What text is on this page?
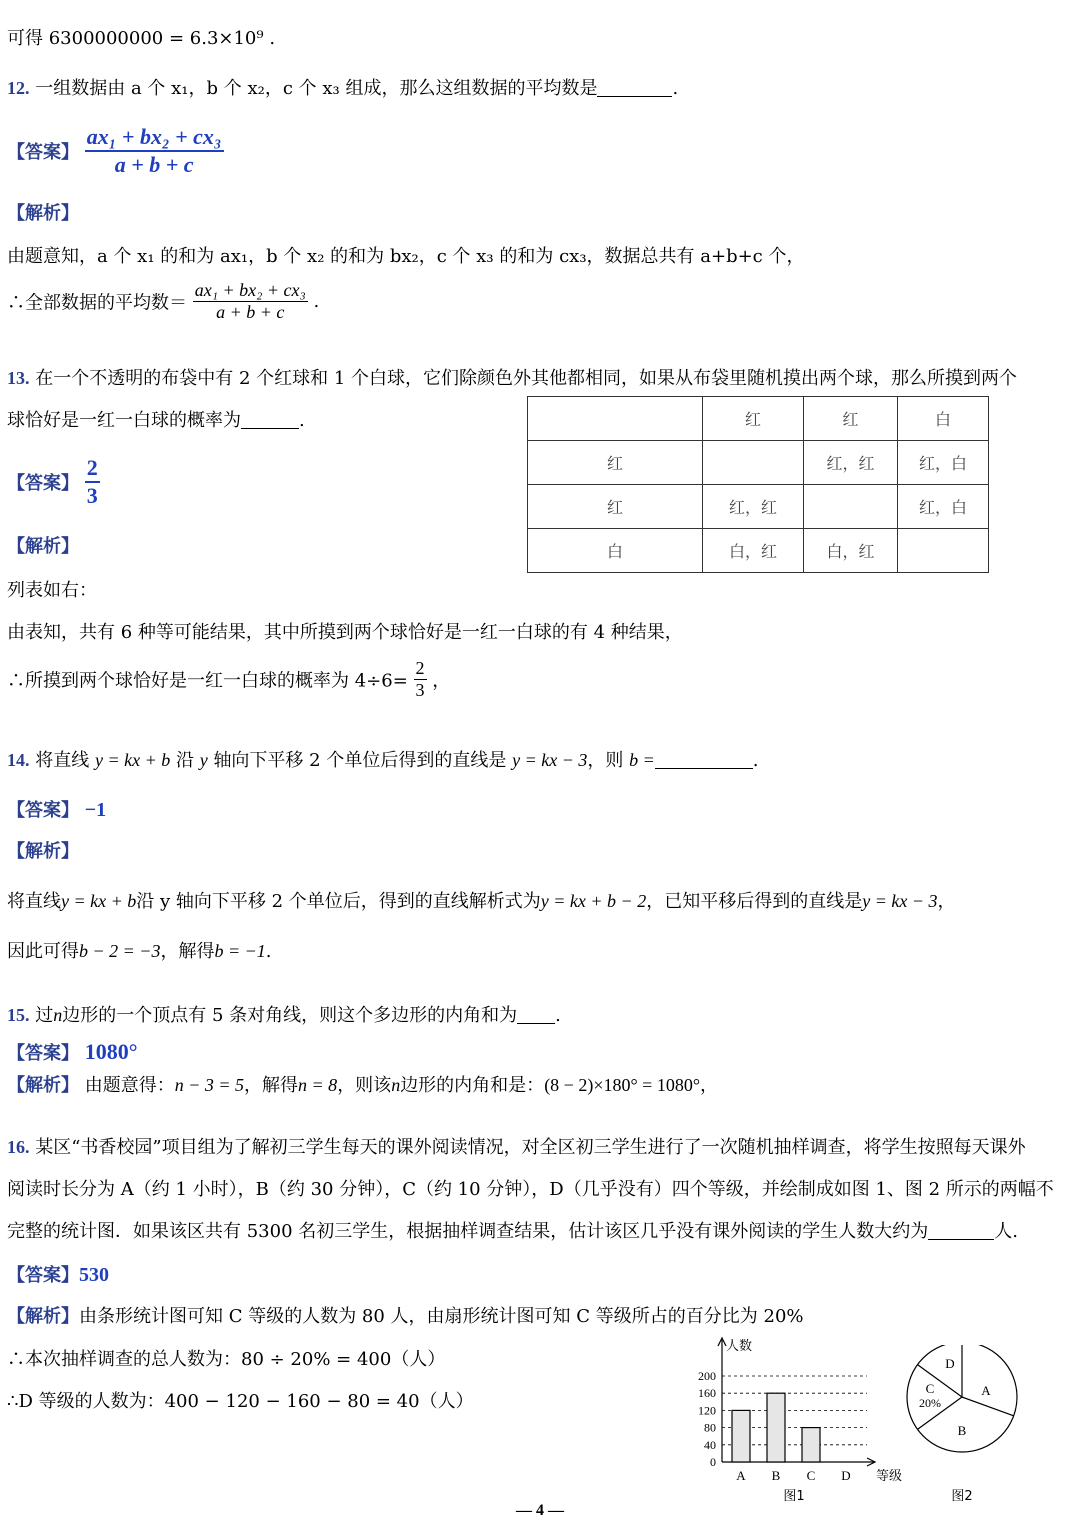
可得 6300000000 = 6.3×10⁹ .
12. 一组数据由 a 个 x₁，b 个 x₂，c 个 x₃ 组成，那么这组数据的平均数是	.
【答案】 $\frac{\text{ax₁ + bx₂ + cx₃}}{a + b + c}$
【解析】
由题意知，a 个 x₁ 的和为 ax₁，b 个 x₂ 的和为 bx₂，c 个 x₃ 的和为 cx₃，数据总共有 a+b+c 个，
∴全部数据的平均数＝ $\frac{\text{ax₁ + bx₂ + cx₃}}{a + b + c}$ .
13. 在一个不透明的布袋中有 2 个红球和 1 个白球，它们除颜色外其他都相同，如果从布袋里随机摸出两个球，那么所摸到两个
球恰好是一红一白球的概率为	.
【答案】 $\frac{2}{3}$
【解析】
列表如右：
由表知，共有 6 种等可能结果，其中所摸到两个球恰好是一红一白球的有 4 种结果，
∴所摸到两个球恰好是一红一白球的概率为 $4\div 6= \frac{2}{3}$ ，
	红	红	白
红		红，红	红，白
红	红，红		红，白
白	白，红	白，红	
14. 将直线 y = kx + b 沿 y 轴向下平移 2 个单位后得到的直线是 y = kx − 3，则 b =	.
【答案】 −1
【解析】
将直线y = kx + b沿 y 轴向下平移 2 个单位后，得到的直线解析式为y = kx + b − 2，已知平移后得到的直线是y = kx − 3，
因此可得b − 2 = −3，解得b = −1.
15. 过n边形的一个顶点有 5 条对角线，则这个多边形的内角和为 .
【答案】 1080°
【解析】 由题意得：n − 3 = 5，解得n = 8，则该n边形的内角和是：(8 − 2)×180° = 1080°，
16. 某区“书香校园”项目组为了解初三学生每天的课外阅读情况，对全区初三学生进行了一次随机抽样调查，将学生按照每天课外
阅读时长分为 A（约 1 小时），B（约 30 分钟），C（约 10 分钟），D（几乎没有）四个等级，并绘制成如图 1、图 2 所示的两幅不
完整的统计图．如果该区共有 5300 名初三学生，根据抽样调查结果，估计该区几乎没有课外阅读的学生人数大约为	人.
【答案】530
【解析】由条形统计图可知 C 等级的人数为 80 人，由扇形统计图可知 C 等级所占的百分比为 20%
∴本次抽样调查的总人数为：80 ÷ 20% = 400（人）
∴D 等级的人数为：400 − 120 − 160 − 80 = 40（人）
人数
0
40
80
120
160
200
A B C D 等级
图1
A
B
C
20%
D
图2
— 4 —
